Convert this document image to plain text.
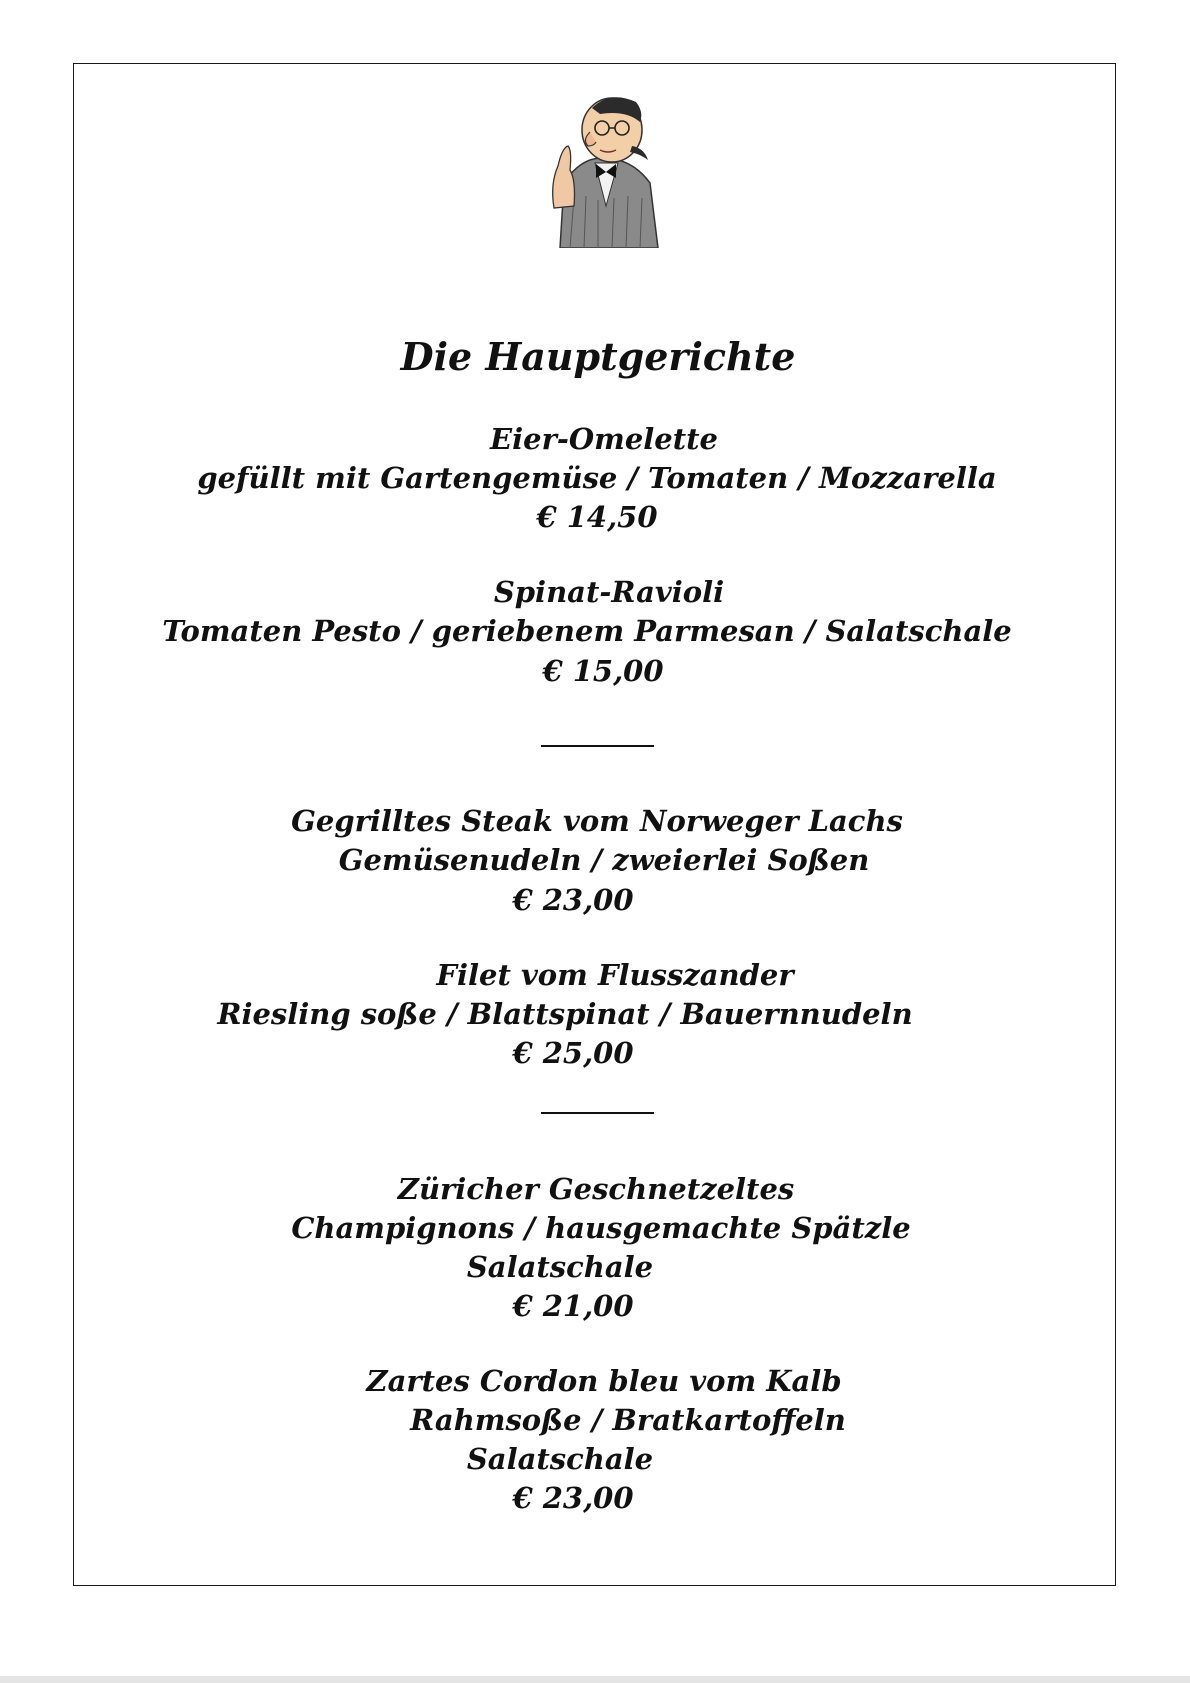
Die Hauptgerichte
Eier-Omelette
gefüllt mit Gartengemüse / Tomaten / Mozzarella
€ 14,50
Spinat-Ravioli
Tomaten Pesto / geriebenem Parmesan / Salatschale
€ 15,00
Gegrilltes Steak vom Norweger Lachs
Gemüsenudeln / zweierlei Soßen
€ 23,00
Filet vom Flusszander
Riesling soße / Blattspinat / Bauernnudeln
€ 25,00
Züricher Geschnetzeltes
Champignons / hausgemachte Spätzle
Salatschale
€ 21,00
Zartes Cordon bleu vom Kalb
Rahmsoße / Bratkartoffeln
Salatschale
€ 23,00
